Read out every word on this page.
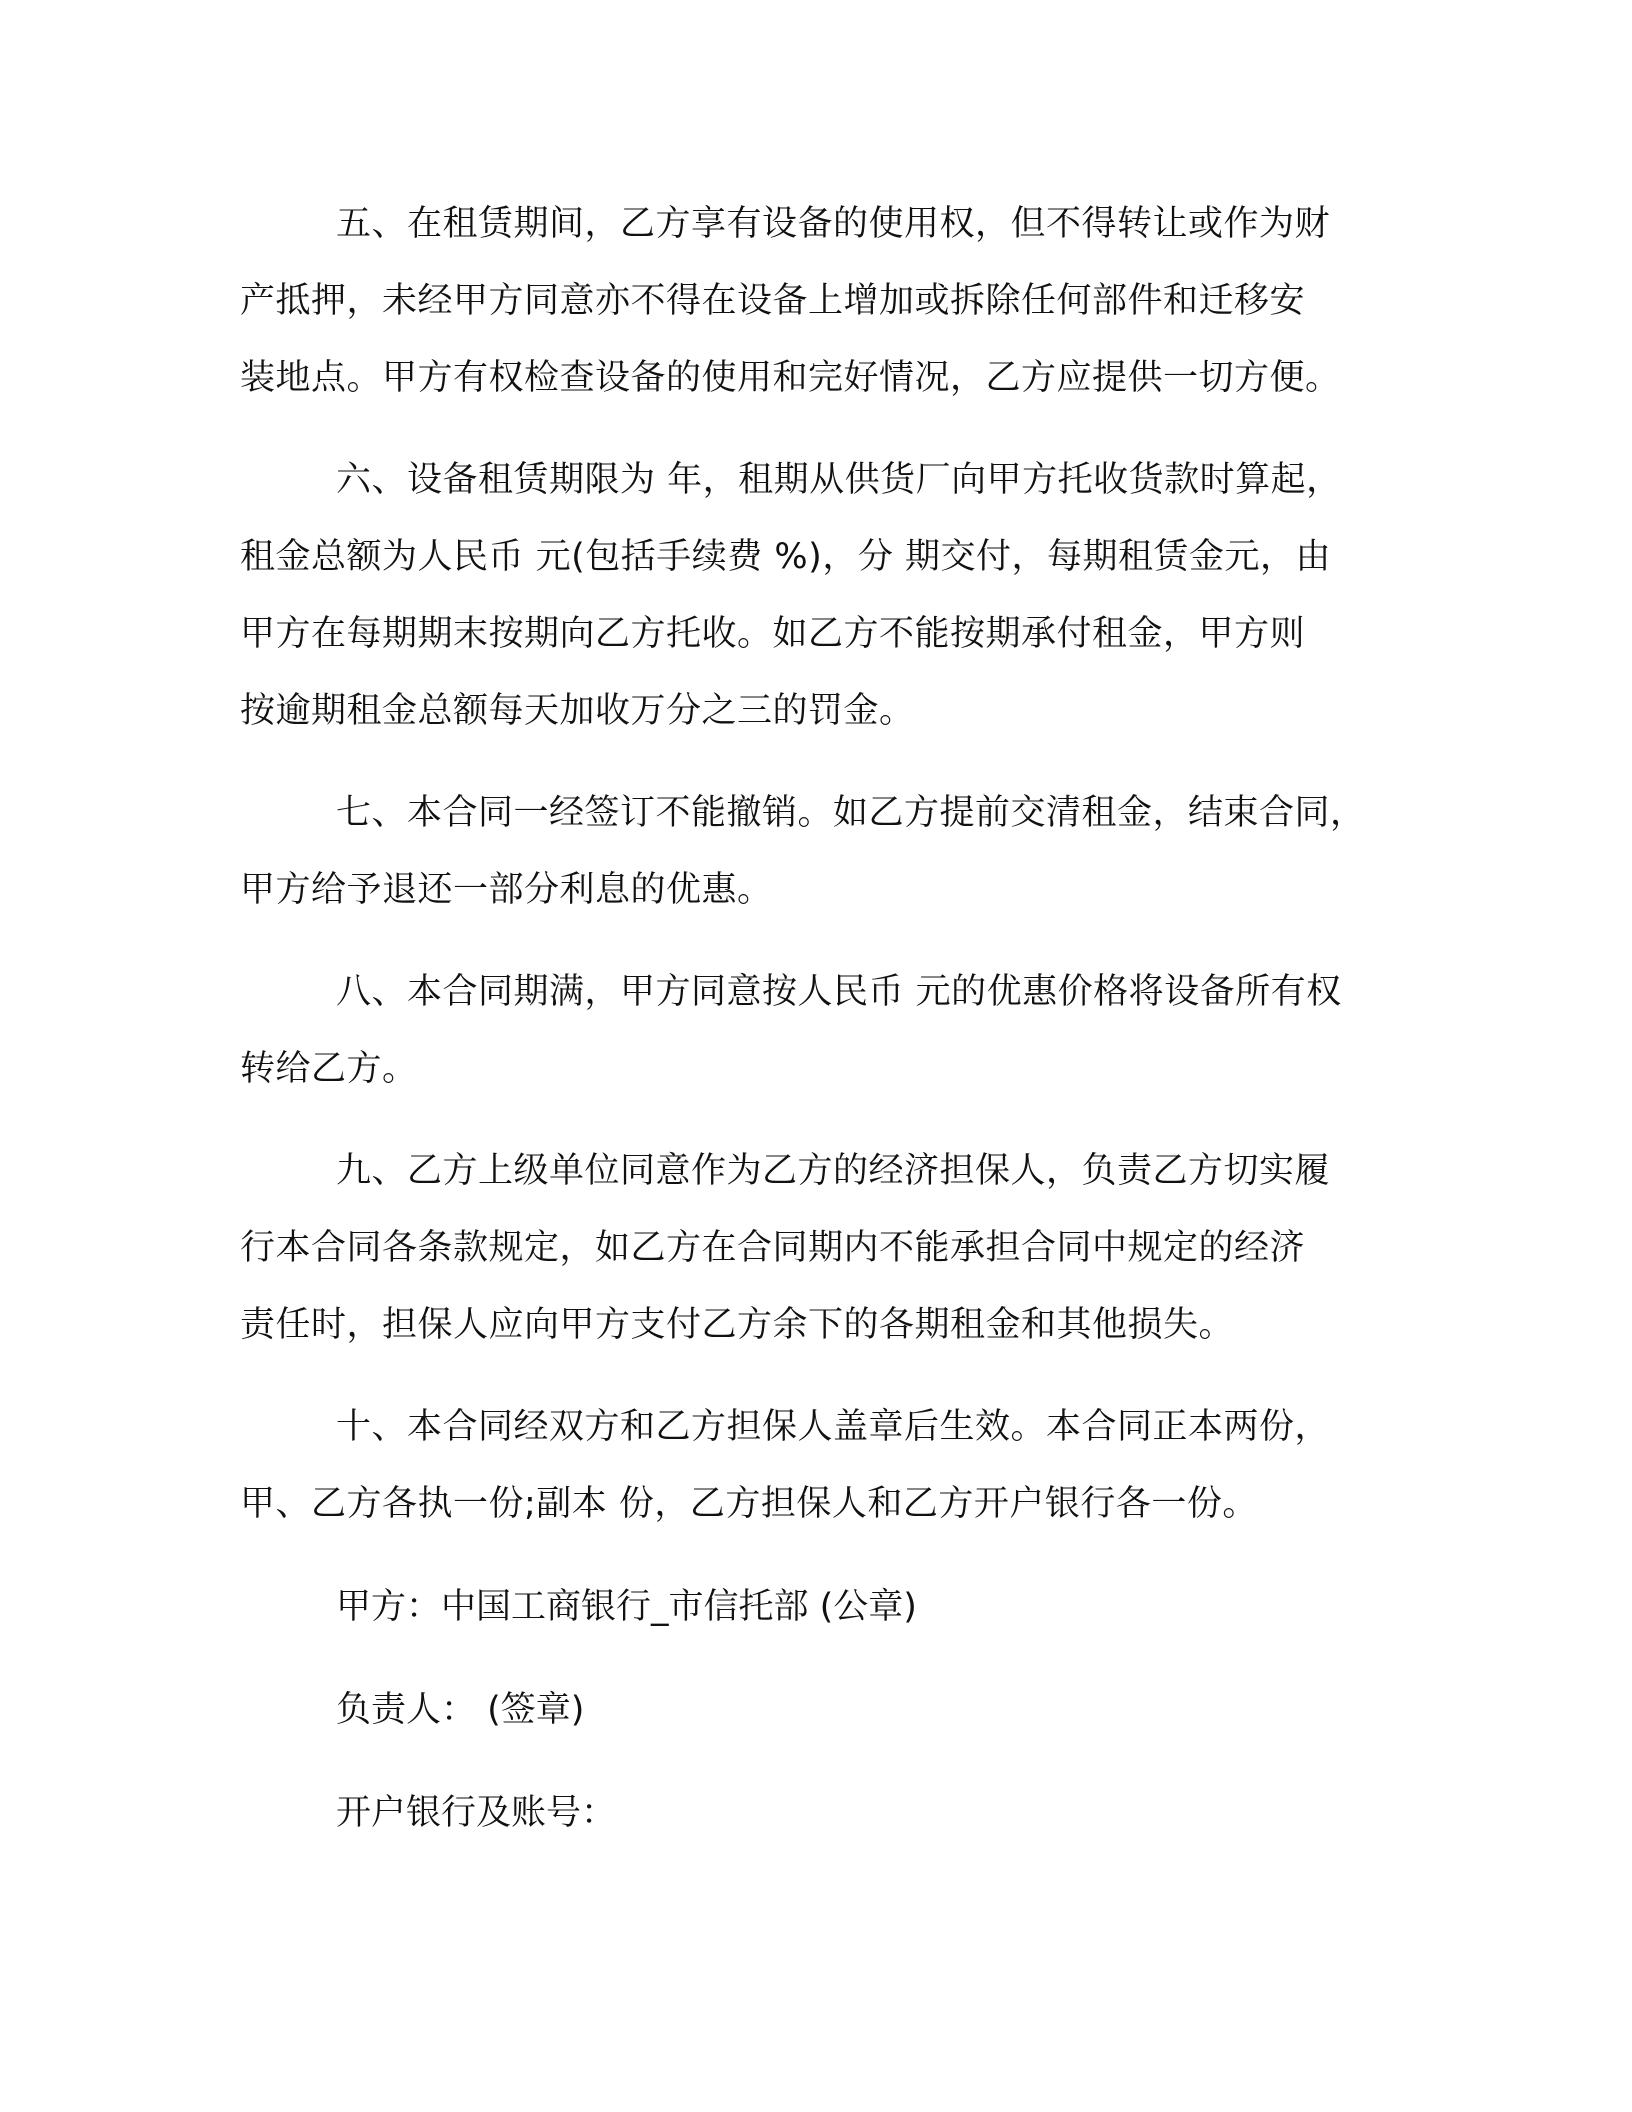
五、在租赁期间，乙方享有设备的使用权，但不得转让或作为财
产抵押，未经甲方同意亦不得在设备上增加或拆除任何部件和迁移安
装地点。甲方有权检查设备的使用和完好情况，乙方应提供一切方便。

六、设备租赁期限为 年，租期从供货厂向甲方托收货款时算起，
租金总额为人民币 元(包括手续费 %)，分 期交付，每期租赁金元，由
甲方在每期期末按期向乙方托收。如乙方不能按期承付租金，甲方则
按逾期租金总额每天加收万分之三的罚金。

七、本合同一经签订不能撤销。如乙方提前交清租金，结束合同，
甲方给予退还一部分利息的优惠。

八、本合同期满，甲方同意按人民币 元的优惠价格将设备所有权
转给乙方。

九、乙方上级单位同意作为乙方的经济担保人，负责乙方切实履
行本合同各条款规定，如乙方在合同期内不能承担合同中规定的经济
责任时，担保人应向甲方支付乙方余下的各期租金和其他损失。

十、本合同经双方和乙方担保人盖章后生效。本合同正本两份，
甲、乙方各执一份;副本 份，乙方担保人和乙方开户银行各一份。

甲方：中国工商银行_市信托部 (公章)

负责人： (签章)

开户银行及账号：
